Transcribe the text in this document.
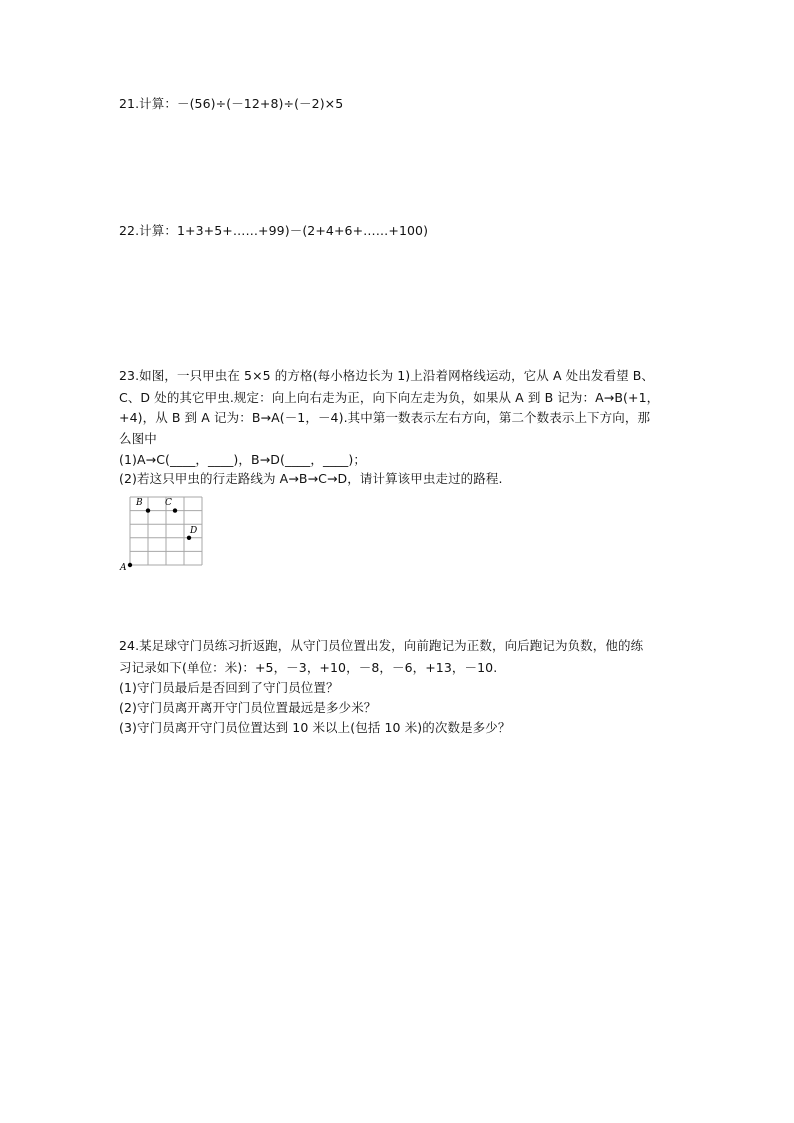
21.计算：－(56)÷(－12+8)÷(－2)×5
22.计算：1+3+5+……+99)－(2+4+6+……+100)
23.如图，一只甲虫在 5×5 的方格(每小格边长为 1)上沿着网格线运动，它从 A 处出发看望 B、
C、D 处的其它甲虫.规定：向上向右走为正，向下向左走为负，如果从 A 到 B 记为：A→B(+1，
+4)，从 B 到 A 记为：B→A(－1，－4).其中第一数表示左右方向，第二个数表示上下方向，那
么图中
(1)A→C(____，____)，B→D(____，____)；
(2)若这只甲虫的行走路线为 A→B→C→D，请计算该甲虫走过的路程.
A
B C
D
24.某足球守门员练习折返跑，从守门员位置出发，向前跑记为正数，向后跑记为负数，他的练
习记录如下(单位：米)：+5，－3，+10，－8，－6，+13，－10.
(1)守门员最后是否回到了守门员位置？
(2)守门员离开离开守门员位置最远是多少米？
(3)守门员离开守门员位置达到 10 米以上(包括 10 米)的次数是多少？
